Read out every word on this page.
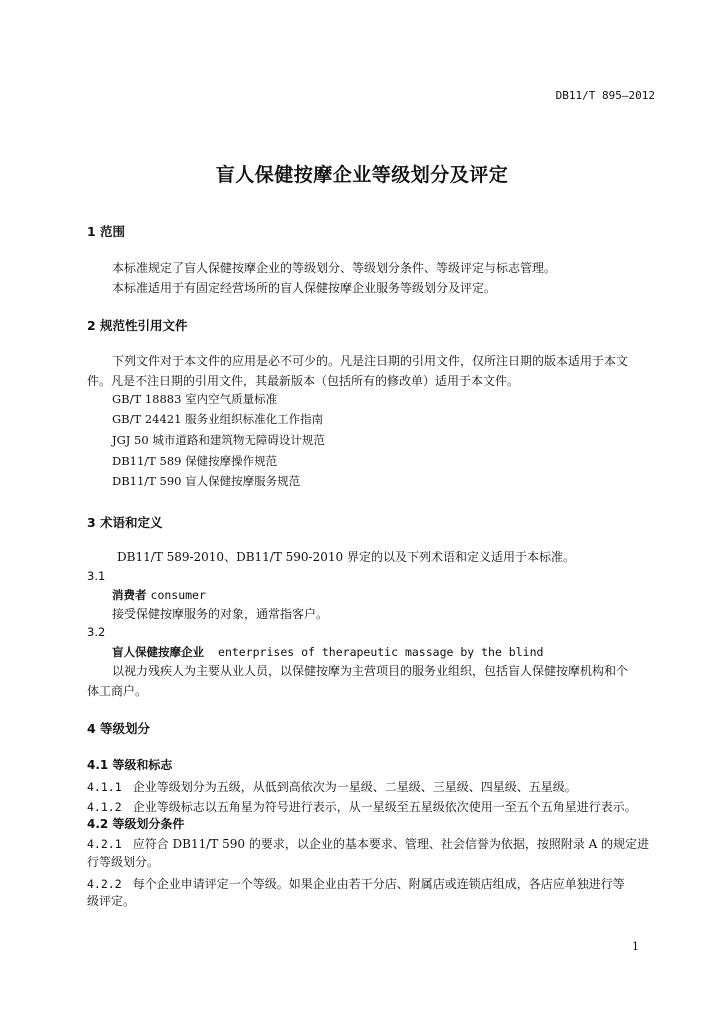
DB11/T 895—2012
盲人保健按摩企业等级划分及评定
1 范围
本标准规定了盲人保健按摩企业的等级划分、等级划分条件、等级评定与标志管理。
本标准适用于有固定经营场所的盲人保健按摩企业服务等级划分及评定。
2 规范性引用文件
下列文件对于本文件的应用是必不可少的。凡是注日期的引用文件，仅所注日期的版本适用于本文
件。凡是不注日期的引用文件，其最新版本（包括所有的修改单）适用于本文件。
GB/T 18883 室内空气质量标准
GB/T 24421 服务业组织标准化工作指南
JGJ 50 城市道路和建筑物无障碍设计规范
DB11/T 589 保健按摩操作规范
DB11/T 590 盲人保健按摩服务规范
3 术语和定义
DB11/T 589-2010、DB11/T 590-2010 界定的以及下列术语和定义适用于本标准。
3.1
消费者 consumer
接受保健按摩服务的对象，通常指客户。
3.2
盲人保健按摩企业 enterprises of therapeutic massage by the blind
以视力残疾人为主要从业人员，以保健按摩为主营项目的服务业组织，包括盲人保健按摩机构和个
体工商户。
4 等级划分
4.1 等级和标志
4.1.1 企业等级划分为五级，从低到高依次为一星级、二星级、三星级、四星级、五星级。
4.1.2 企业等级标志以五角星为符号进行表示，从一星级至五星级依次使用一至五个五角星进行表示。
4.2 等级划分条件
4.2.1 应符合 DB11/T 590 的要求，以企业的基本要求、管理、社会信誉为依据，按照附录 A 的规定进
行等级划分。
4.2.2 每个企业申请评定一个等级。如果企业由若干分店、附属店或连锁店组成，各店应单独进行等
级评定。
1
